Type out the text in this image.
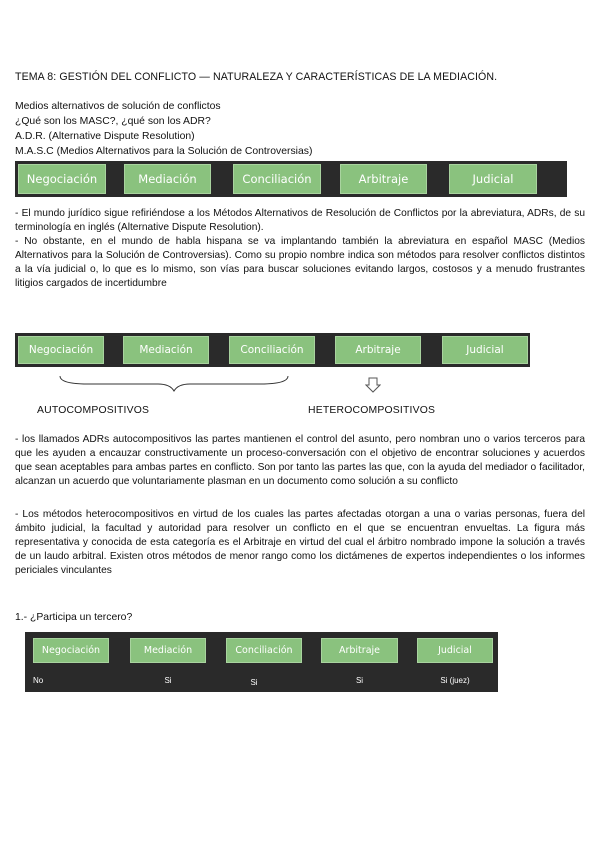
TEMA 8: GESTIÓN DEL CONFLICTO — NATURALEZA Y CARACTERÍSTICAS DE LA MEDIACIÓN.
Medios alternativos de solución de conflictos
¿Qué son los MASC?, ¿qué son los ADR?
A.D.R. (Alternative Dispute Resolution)
M.A.S.C (Medios Alternativos para la Solución de Controversias)
Negociación	Mediación	Conciliación	Arbitraje	Judicial

- El mundo jurídico sigue refiriéndose a los Métodos Alternativos de Resolución de Conflictos por la abreviatura, ADRs, de su terminología en inglés (Alternative Dispute Resolution).

- No obstante, en el mundo de habla hispana se va implantando también la abreviatura en español MASC (Medios Alternativos para la Solución de Controversias). Como su propio nombre indica son métodos para resolver conflictos distintos a la vía judicial o, lo que es lo mismo, son vías para buscar soluciones evitando largos, costosos y a menudo frustrantes litigios cargados de incertidumbre

Negociación	Mediación	Conciliación	Arbitraje	Judicial
AUTOCOMPOSITIVOS	HETEROCOMPOSITIVOS

- los llamados ADRs autocompositivos las partes mantienen el control del asunto, pero nombran uno o varios terceros para que les ayuden a encauzar constructivamente un proceso-conversación con el objetivo de encontrar soluciones y acuerdos que sean aceptables para ambas partes en conflicto. Son por tanto las partes las que, con la ayuda del mediador o facilitador, alcanzan un acuerdo que voluntariamente plasman en un documento como solución a su conflicto

- Los métodos heterocompositivos en virtud de los cuales las partes afectadas otorgan a una o varias personas, fuera del ámbito judicial, la facultad y autoridad para resolver un conflicto en el que se encuentran envueltas. La figura más representativa y conocida de esta categoría es el Arbitraje en virtud del cual el árbitro nombrado impone la solución a través de un laudo arbitral. Existen otros métodos de menor rango como los dictámenes de expertos independientes o los informes periciales vinculantes

1.- ¿Participa un tercero?
Negociación	Mediación	Conciliación	Arbitraje	Judicial
No	Si	Si	Si	Si (juez)
